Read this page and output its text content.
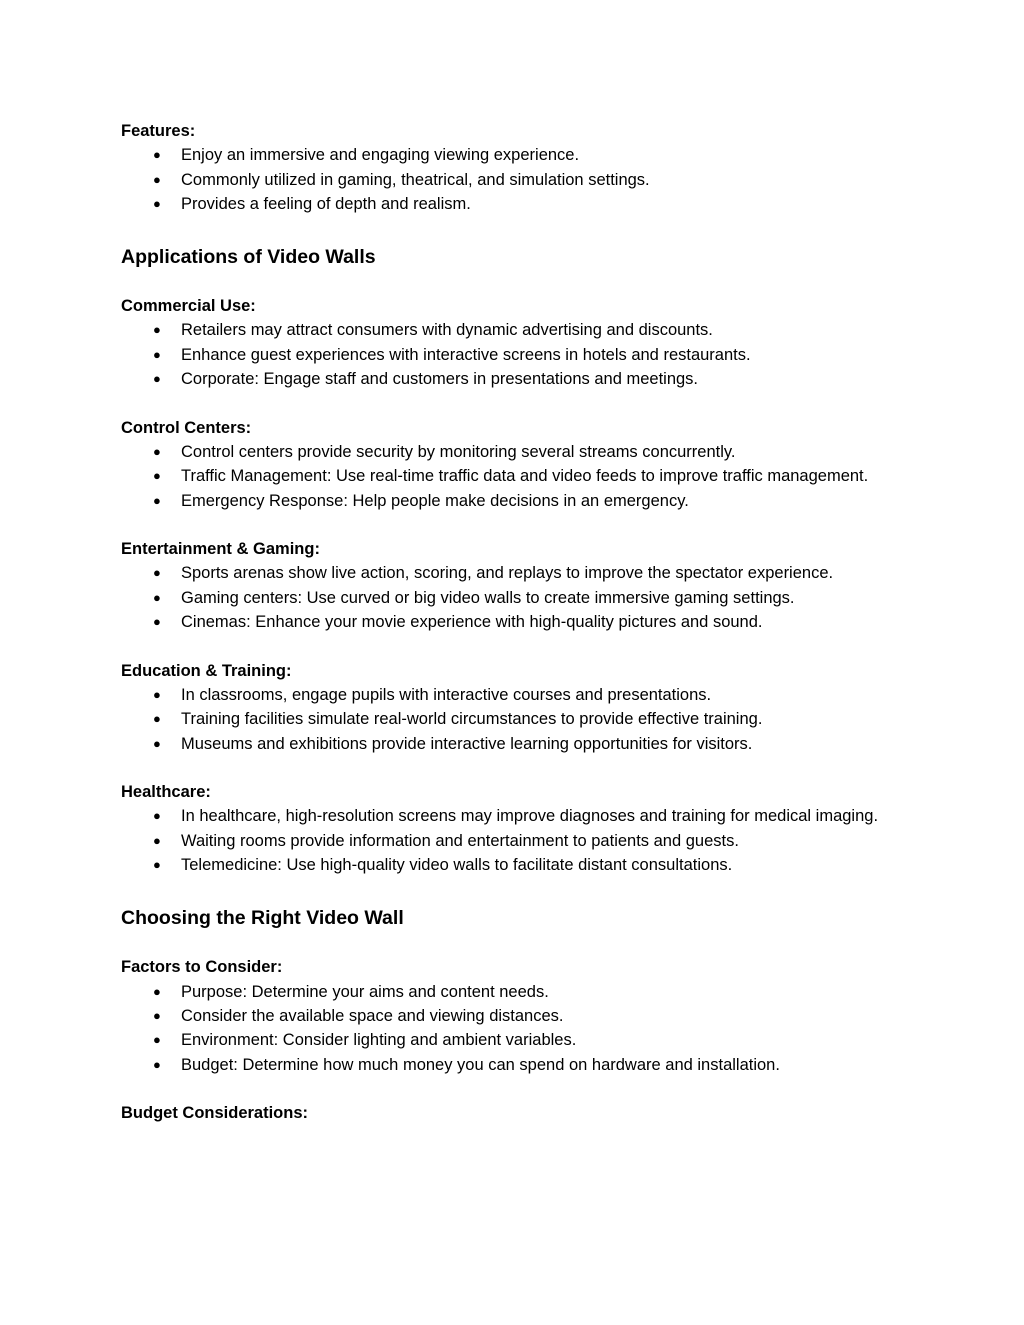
Features:

● Enjoy an immersive and engaging viewing experience.
● Commonly utilized in gaming, theatrical, and simulation settings.
● Provides a feeling of depth and realism.
Applications of Video Walls

Commercial Use:

● Retailers may attract consumers with dynamic advertising and discounts.
● Enhance guest experiences with interactive screens in hotels and restaurants.
● Corporate: Engage staff and customers in presentations and meetings.

Control Centers:

● Control centers provide security by monitoring several streams concurrently.
● Traffic Management: Use real-time traffic data and video feeds to improve traffic management.
● Emergency Response: Help people make decisions in an emergency.

Entertainment & Gaming:

● Sports arenas show live action, scoring, and replays to improve the spectator experience.
● Gaming centers: Use curved or big video walls to create immersive gaming settings.
● Cinemas: Enhance your movie experience with high-quality pictures and sound.

Education & Training:

● In classrooms, engage pupils with interactive courses and presentations.
● Training facilities simulate real-world circumstances to provide effective training.
● Museums and exhibitions provide interactive learning opportunities for visitors.

Healthcare:

● In healthcare, high-resolution screens may improve diagnoses and training for medical imaging.
● Waiting rooms provide information and entertainment to patients and guests.
● Telemedicine: Use high-quality video walls to facilitate distant consultations.
Choosing the Right Video Wall

Factors to Consider:

● Purpose: Determine your aims and content needs.
● Consider the available space and viewing distances.
● Environment: Consider lighting and ambient variables.
● Budget: Determine how much money you can spend on hardware and installation.

Budget Considerations:
